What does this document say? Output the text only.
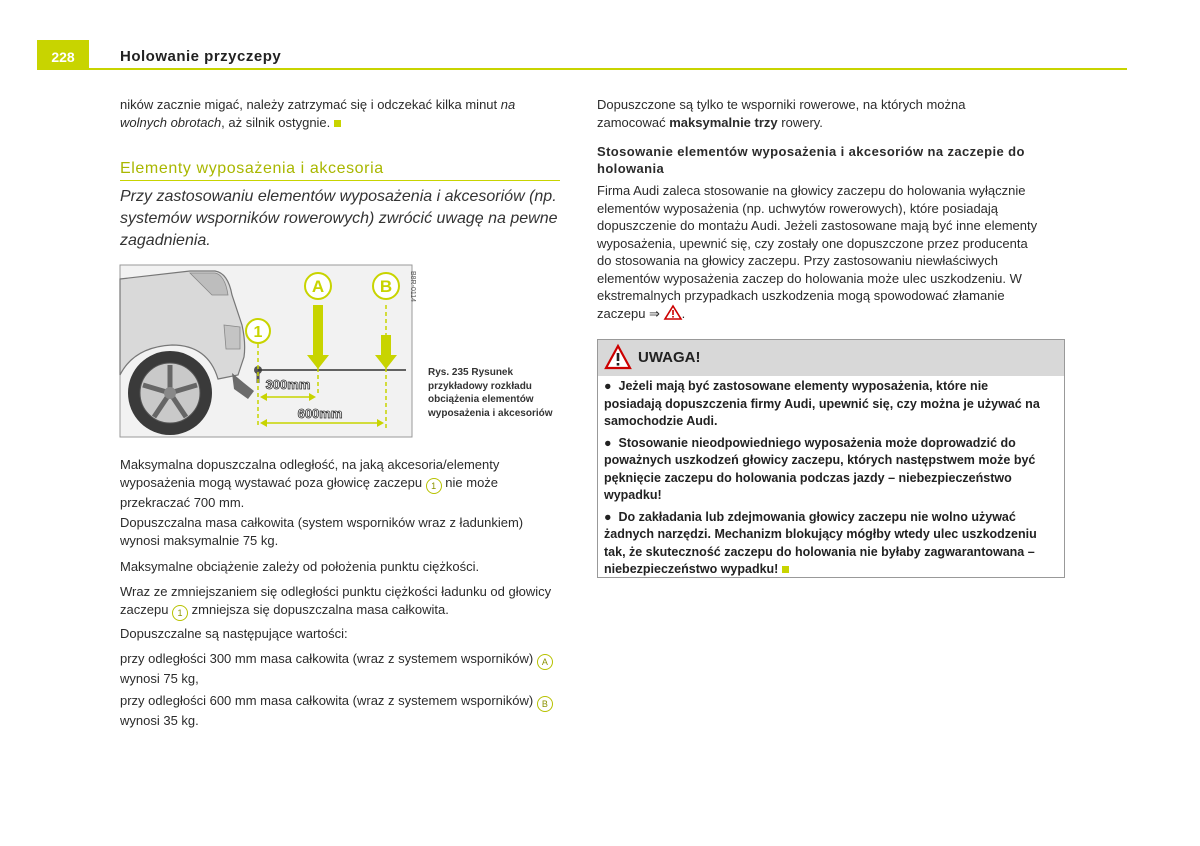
228	Holowanie przyczepy

ników zacznie migać, należy zatrzymać się i odczekać kilka minut na wolnych obrotach, aż silnik ostygnie.

Elementy wyposażenia i akcesoria
Przy zastosowaniu elementów wyposażenia i akcesoriów (np. systemów wsporników rowerowych) zwrócić uwagę na pewne zagadnienia.
A	B
1
300mm
600mm
B8R-0114
Rys. 235 Rysunek przykładowy rozkładu obciążenia elementów wyposażenia i akcesoriów

Maksymalna dopuszczalna odległość, na jaką akcesoria/elementy wyposażenia mogą wystawać poza głowicę zaczepu 1 nie może przekraczać 700 mm.

Dopuszczalna masa całkowita (system wsporników wraz z ładunkiem) wynosi maksymalnie 75 kg.

Maksymalne obciążenie zależy od położenia punktu ciężkości.

Wraz ze zmniejszaniem się odległości punktu ciężkości ładunku od głowicy zaczepu 1 zmniejsza się dopuszczalna masa całkowita.

Dopuszczalne są następujące wartości:

przy odległości 300 mm masa całkowita (wraz z systemem wsporników) A wynosi 75 kg,

przy odległości 600 mm masa całkowita (wraz z systemem wsporników) B wynosi 35 kg.

Dopuszczone są tylko te wsporniki rowerowe, na których można zamocować maksymalnie trzy rowery.

Stosowanie elementów wyposażenia i akcesoriów na zaczepie do holowania

Firma Audi zaleca stosowanie na głowicy zaczepu do holowania wyłącznie elementów wyposażenia (np. uchwytów rowerowych), które posiadają dopuszczenie do montażu Audi. Jeżeli zastosowane mają być inne elementy wyposażenia, upewnić się, czy zostały one dopuszczone przez producenta do stosowania na głowicy zaczepu. Przy zastosowaniu niewłaściwych elementów wyposażenia zaczep do holowania może ulec uszkodzeniu. W ekstremalnych przypadkach uszkodzenia mogą spowodować złamanie zaczepu ⇒ .

UWAGA!

● Jeżeli mają być zastosowane elementy wyposażenia, które nie posiadają dopuszczenia firmy Audi, upewnić się, czy można je używać na samochodzie Audi.

● Stosowanie nieodpowiedniego wyposażenia może doprowadzić do poważnych uszkodzeń głowicy zaczepu, których następstwem może być pęknięcie zaczepu do holowania podczas jazdy – niebezpieczeństwo wypadku!

● Do zakładania lub zdejmowania głowicy zaczepu nie wolno używać żadnych narzędzi. Mechanizm blokujący mógłby wtedy ulec uszkodzeniu tak, że skuteczność zaczepu do holowania nie byłaby zagwarantowana – niebezpieczeństwo wypadku!
